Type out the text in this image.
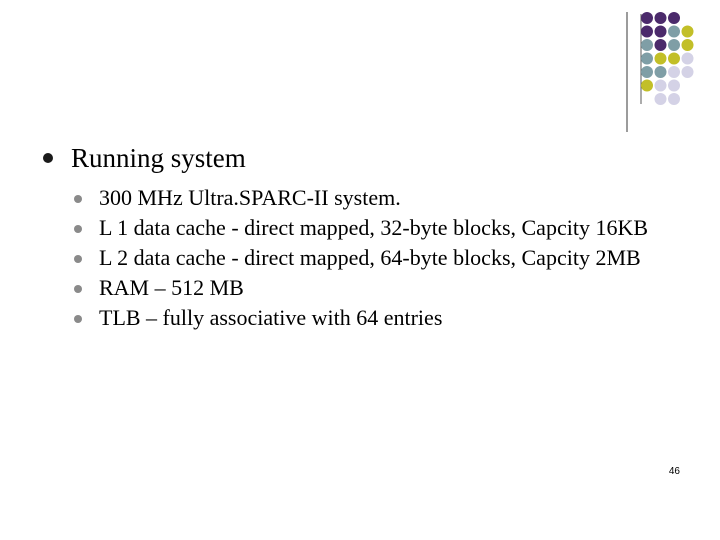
Running system
300 MHz Ultra.SPARC-II system.
L 1 data cache - direct mapped, 32-byte blocks, Capcity 16KB
L 2 data cache - direct mapped, 64-byte blocks, Capcity 2MB
RAM – 512 MB
TLB – fully associative with 64 entries
46
